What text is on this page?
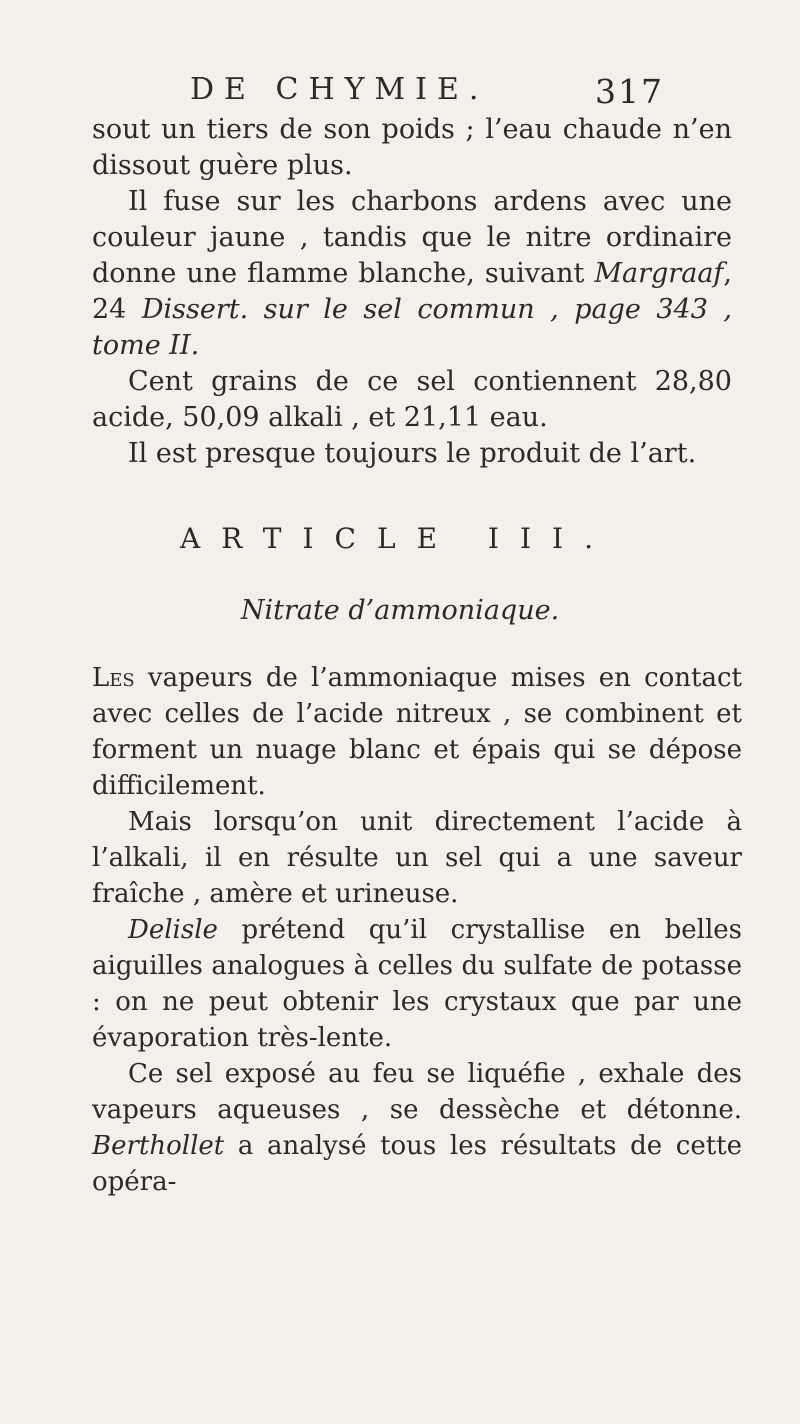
DE CHYMIE.	317

sout un tiers de son poids ; l’eau chaude n’en dissout guère plus.

Il fuse sur les charbons ardens avec une couleur jaune , tandis que le nitre ordinaire donne une flamme blanche, suivant Margraaf, 24 Dissert. sur le sel commun , page 343 , tome II.

Cent grains de ce sel contiennent 28,80 acide, 50,09 alkali , et 21,11 eau.

Il est presque toujours le produit de l’art.

ARTICLE III.
Nitrate d’ammoniaque.

Les vapeurs de l’ammoniaque mises en contact avec celles de l’acide nitreux , se combinent et forment un nuage blanc et épais qui se dépose difficilement.

Mais lorsqu’on unit directement l’acide à l’alkali, il en résulte un sel qui a une saveur fraîche , amère et urineuse.

Delisle prétend qu’il crystallise en belles aiguilles analogues à celles du sulfate de potasse : on ne peut obtenir les crystaux que par une évaporation très-lente.

Ce sel exposé au feu se liquéfie , exhale des vapeurs aqueuses , se dessèche et détonne. Berthollet a analysé tous les résultats de cette opéra-
